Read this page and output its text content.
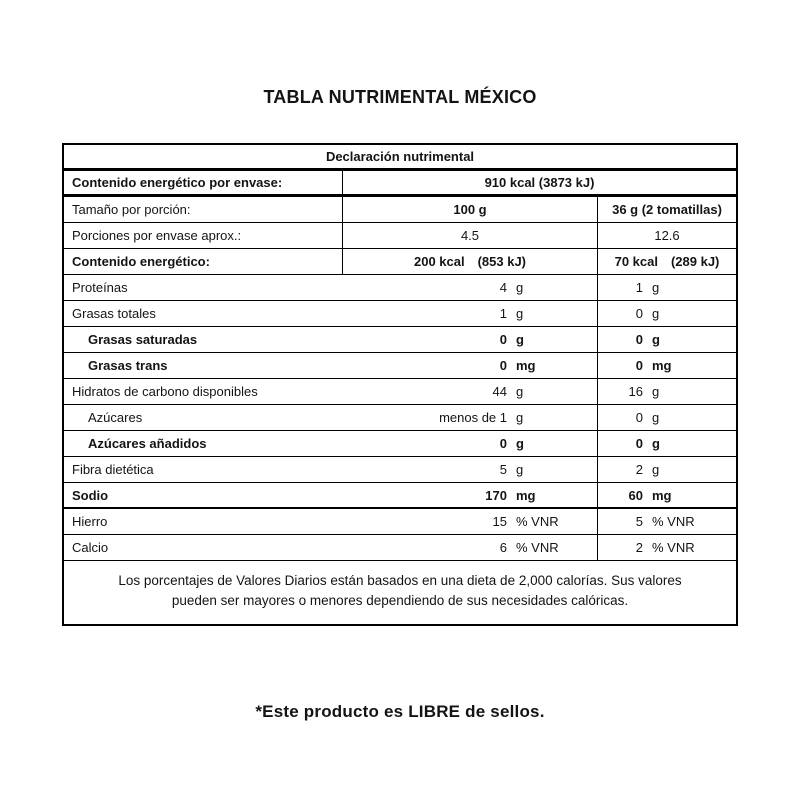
TABLA NUTRIMENTAL MÉXICO
Declaración nutrimental
Contenido energético por envase:	910 kcal (3873 kJ)
Tamaño por porción:	100 g	36 g (2 tomatillas)
Porciones por envase aprox.:	4.5	12.6
Contenido energético:	200 kcal (853 kJ)	70 kcal (289 kJ)
Proteínas	4 g	1 g
Grasas totales	1 g	0 g
Grasas saturadas	0 g	0 g
Grasas trans	0 mg	0 mg
Hidratos de carbono disponibles	44 g	16 g
Azúcares	menos de 1 g	0 g
Azúcares añadidos	0 g	0 g
Fibra dietética	5 g	2 g
Sodio	170 mg	60 mg
Hierro	15 % VNR	5 % VNR
Calcio	6 % VNR	2 % VNR
Los porcentajes de Valores Diarios están basados en una dieta de 2,000 calorías. Sus valores pueden ser mayores o menores dependiendo de sus necesidades calóricas.
*Este producto es LIBRE de sellos.
